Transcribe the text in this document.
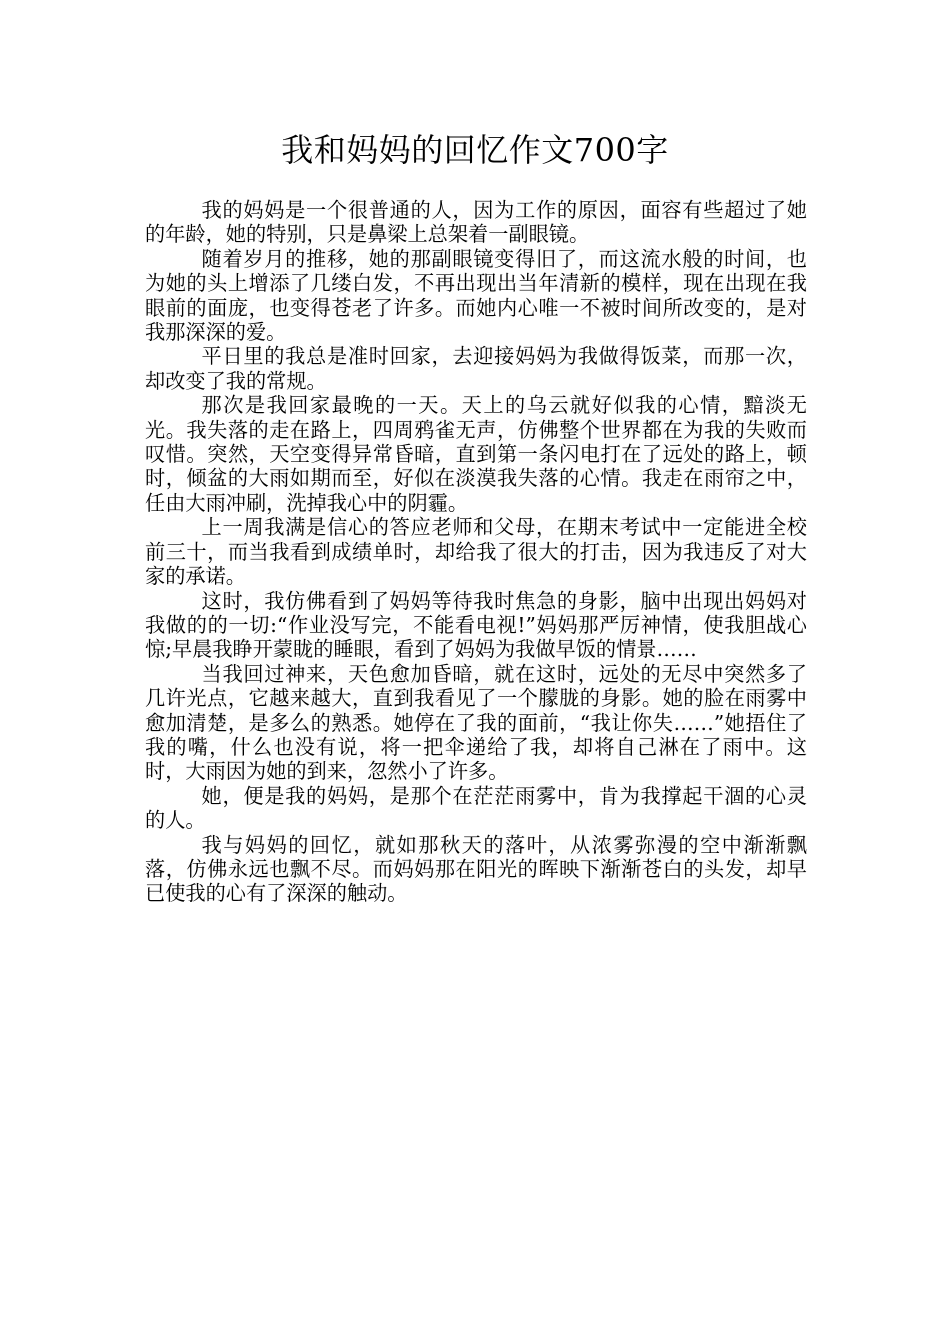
我和妈妈的回忆作文700字

我的妈妈是一个很普通的人，因为工作的原因，面容有些超过了她的年龄，她的特别，只是鼻梁上总架着一副眼镜。

随着岁月的推移，她的那副眼镜变得旧了，而这流水般的时间，也为她的头上增添了几缕白发，不再出现出当年清新的模样，现在出现在我眼前的面庞，也变得苍老了许多。而她内心唯一不被时间所改变的，是对我那深深的爱。

平日里的我总是准时回家，去迎接妈妈为我做得饭菜，而那一次，却改变了我的常规。

那次是我回家最晚的一天。天上的乌云就好似我的心情，黯淡无光。我失落的走在路上，四周鸦雀无声，仿佛整个世界都在为我的失败而叹惜。突然，天空变得异常昏暗，直到第一条闪电打在了远处的路上，顿时，倾盆的大雨如期而至，好似在淡漠我失落的心情。我走在雨帘之中，任由大雨冲刷，洗掉我心中的阴霾。

上一周我满是信心的答应老师和父母，在期末考试中一定能进全校前三十，而当我看到成绩单时，却给我了很大的打击，因为我违反了对大家的承诺。

这时，我仿佛看到了妈妈等待我时焦急的身影，脑中出现出妈妈对我做的的一切:“作业没写完，不能看电视!”妈妈那严厉神情，使我胆战心惊;早晨我睁开蒙眬的睡眼，看到了妈妈为我做早饭的情景……

当我回过神来，天色愈加昏暗，就在这时，远处的无尽中突然多了几许光点，它越来越大，直到我看见了一个朦胧的身影。她的脸在雨雾中愈加清楚，是多么的熟悉。她停在了我的面前，“我让你失……”她捂住了我的嘴，什么也没有说，将一把伞递给了我，却将自己淋在了雨中。这时，大雨因为她的到来，忽然小了许多。

她，便是我的妈妈，是那个在茫茫雨雾中，肯为我撑起干涸的心灵的人。

我与妈妈的回忆，就如那秋天的落叶，从浓雾弥漫的空中渐渐飘落，仿佛永远也飘不尽。而妈妈那在阳光的晖映下渐渐苍白的头发，却早已使我的心有了深深的触动。
